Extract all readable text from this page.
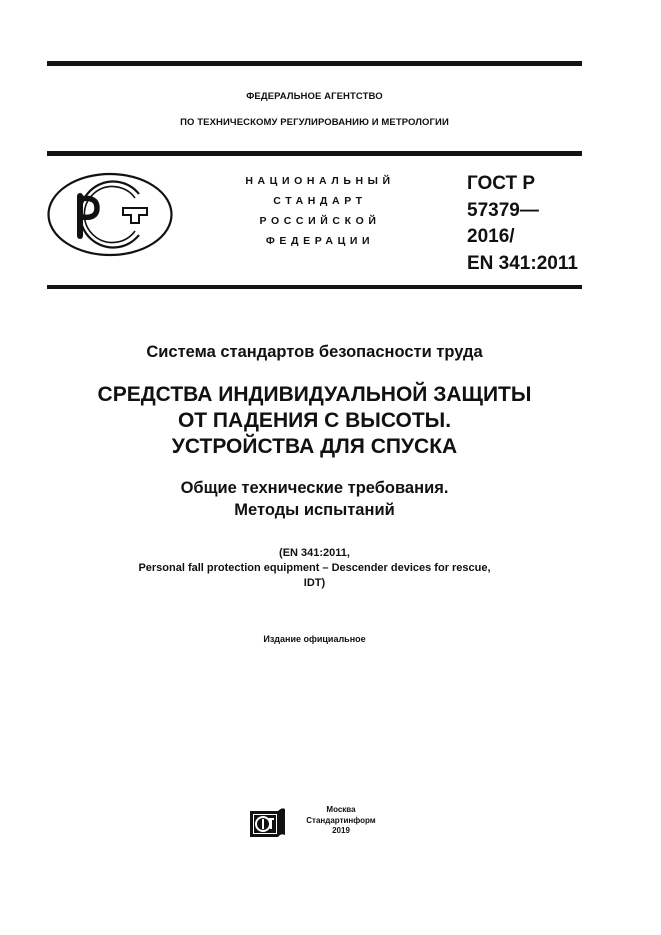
ФЕДЕРАЛЬНОЕ АГЕНТСТВО
ПО ТЕХНИЧЕСКОМУ РЕГУЛИРОВАНИЮ И МЕТРОЛОГИИ
НАЦИОНАЛЬНЫЙ
СТАНДАРТ
РОССИЙСКОЙ
ФЕДЕРАЦИИ
ГОСТ Р
57379—
2016/
EN 341:2011
Система стандартов безопасности труда
СРЕДСТВА ИНДИВИДУАЛЬНОЙ ЗАЩИТЫ
ОТ ПАДЕНИЯ С ВЫСОТЫ.
УСТРОЙСТВА ДЛЯ СПУСКА
Общие технические требования.
Методы испытаний
(EN 341:2011,
Personal fall protection equipment – Descender devices for rescue,
IDT)
Издание официальное
Москва
Стандартинформ
2019
